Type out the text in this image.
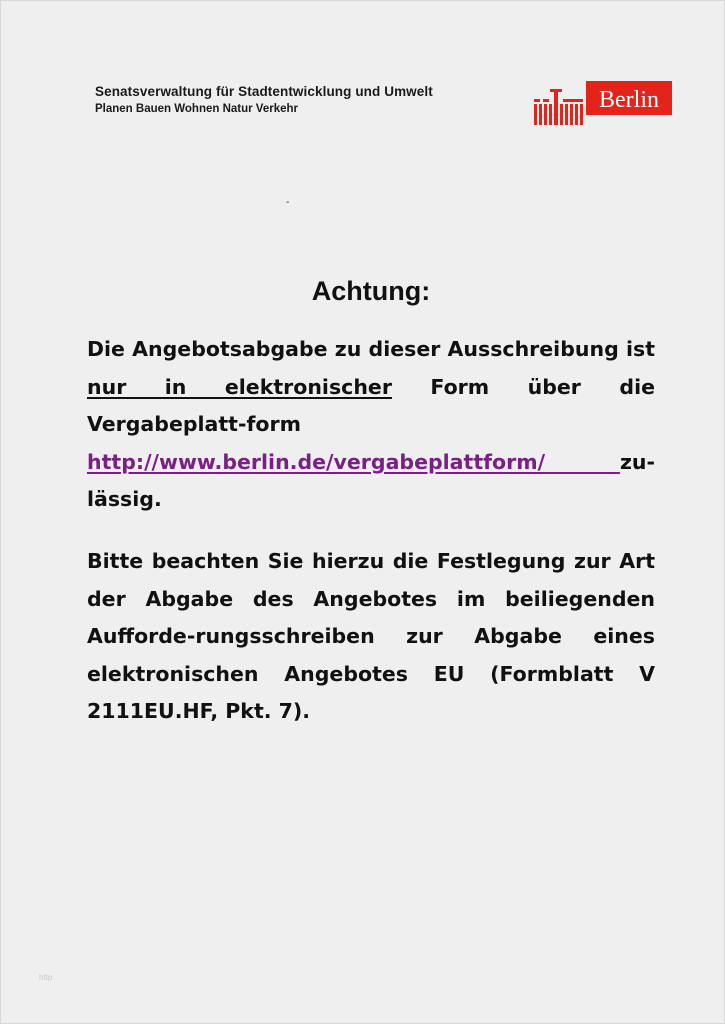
Senatsverwaltung für Stadtentwicklung und Umwelt

Planen Bauen Wohnen Natur Verkehr	Berlin
-
Achtung:

Die Angebotsabgabe zu dieser Ausschreibung ist nur in elektronischer Form über die Vergabeplatt-form http://www.berlin.de/vergabeplattform/ zu-lässig.

Bitte beachten Sie hierzu die Festlegung zur Art der Abgabe des Angebotes im beiliegenden Aufforde-rungsschreiben zur Abgabe eines elektronischen Angebotes EU (Formblatt V 2111EU.HF, Pkt. 7).

http
